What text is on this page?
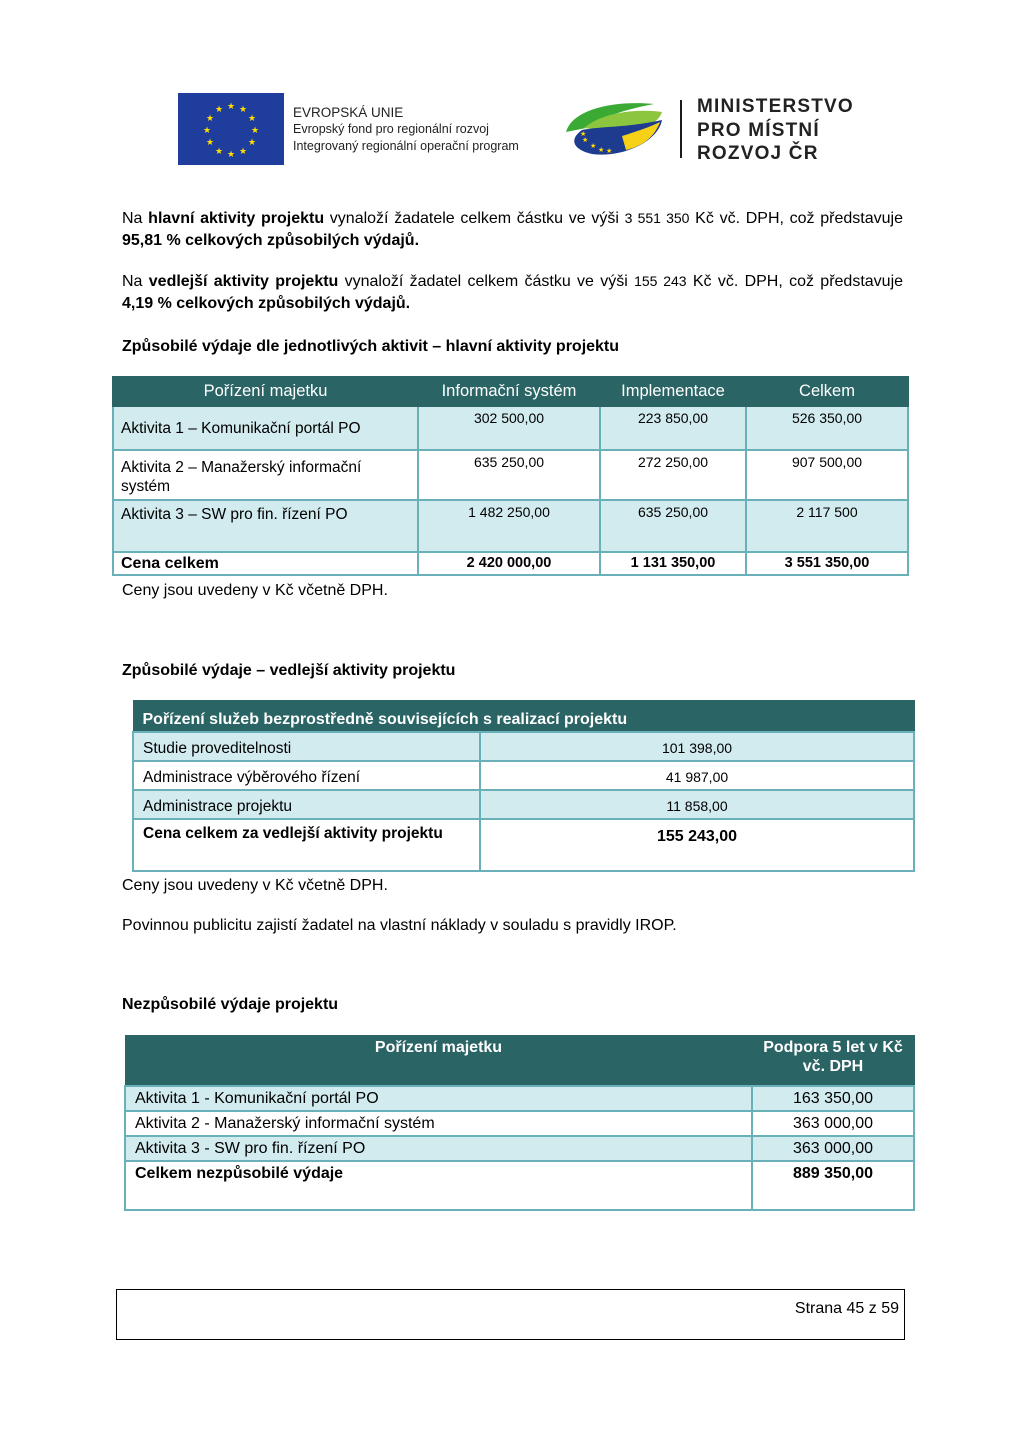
★ ★
★
★
★
★
★
★
★
★
★
★	EVROPSKÁ UNIE
Evropský fond pro regionální rozvoj
Integrovaný regionální operační program	★
★ ★
★
★
MINISTERSTVO
PRO MÍSTNÍ
ROZVOJ ČR

Na hlavní aktivity projektu vynaloží žadatele celkem částku ve výši 3 551 350 Kč vč. DPH, což představuje 95,81 % celkových způsobilých výdajů.

Na vedlejší aktivity projektu vynaloží žadatel celkem částku ve výši 155 243 Kč vč. DPH, což představuje 4,19 % celkových způsobilých výdajů.

Způsobilé výdaje dle jednotlivých aktivit – hlavní aktivity projektu
Pořízení majetku	Informační systém	Implementace	Celkem
Aktivita 1 – Komunikační portál PO	302 500,00	223 850,00	526 350,00
Aktivita 2 – Manažerský informační systém	635 250,00	272 250,00	907 500,00
Aktivita 3 – SW pro fin. řízení PO	1 482 250,00	635 250,00	2 117 500
Cena celkem	2 420 000,00	1 131 350,00	3 551 350,00
Ceny jsou uvedeny v Kč včetně DPH.
Způsobilé výdaje – vedlejší aktivity projektu
Pořízení služeb bezprostředně souvisejících s realizací projektu	
Studie proveditelnosti	101 398,00
Administrace výběrového řízení	41 987,00
Administrace projektu	11 858,00
Cena celkem za vedlejší aktivity projektu	155 243,00
Ceny jsou uvedeny v Kč včetně DPH.
Povinnou publicitu zajistí žadatel na vlastní náklady v souladu s pravidly IROP.
Nezpůsobilé výdaje projektu
Pořízení majetku	Podpora 5 let v Kč vč. DPH
Aktivita 1 - Komunikační portál PO	163 350,00
Aktivita 2 - Manažerský informační systém	363 000,00
Aktivita 3 - SW pro fin. řízení PO	363 000,00
Celkem nezpůsobilé výdaje	889 350,00
Strana 45 z 59
